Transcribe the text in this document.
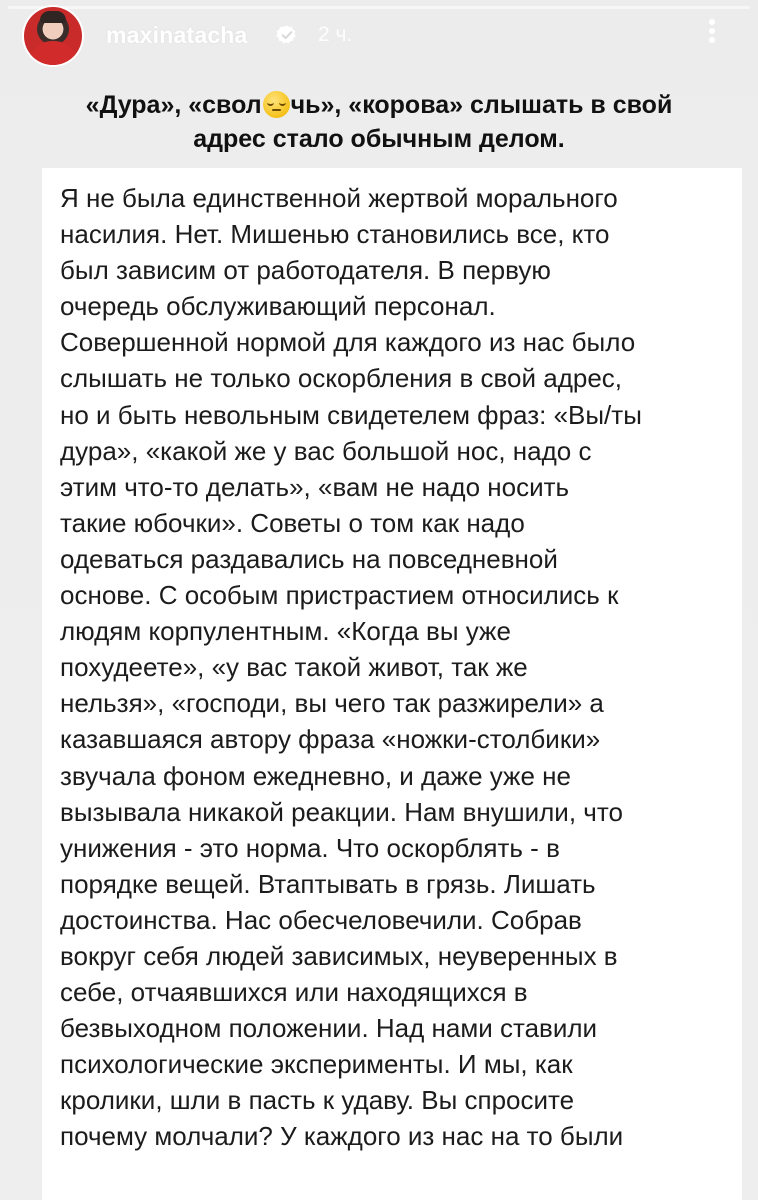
maxinatacha	2 ч.
«Дура», «свол чь», «корова» слышать в свой
адрес стало обычным делом.
Я не была единственной жертвой морального
насилия. Нет. Мишенью становились все, кто
был зависим от работодателя. В первую
очередь обслуживающий персонал.
Совершенной нормой для каждого из нас было
слышать не только оскорбления в свой адрес,
но и быть невольным свидетелем фраз: «Вы/ты
дура», «какой же у вас большой нос, надо с
этим что-то делать», «вам не надо носить
такие юбочки». Советы о том как надо
одеваться раздавались на повседневной
основе. С особым пристрастием относились к
людям корпулентным. «Когда вы уже
похудеете», «у вас такой живот, так же
нельзя», «господи, вы чего так разжирели» а
казавшаяся автору фраза «ножки-столбики»
звучала фоном ежедневно, и даже уже не
вызывала никакой реакции. Нам внушили, что
унижения - это норма. Что оскорблять - в
порядке вещей. Втаптывать в грязь. Лишать
достоинства. Нас обесчеловечили. Собрав
вокруг себя людей зависимых, неуверенных в
себе, отчаявшихся или находящихся в
безвыходном положении. Над нами ставили
психологические эксперименты. И мы, как
кролики, шли в пасть к удаву. Вы спросите
почему молчали? У каждого из нас на то были
